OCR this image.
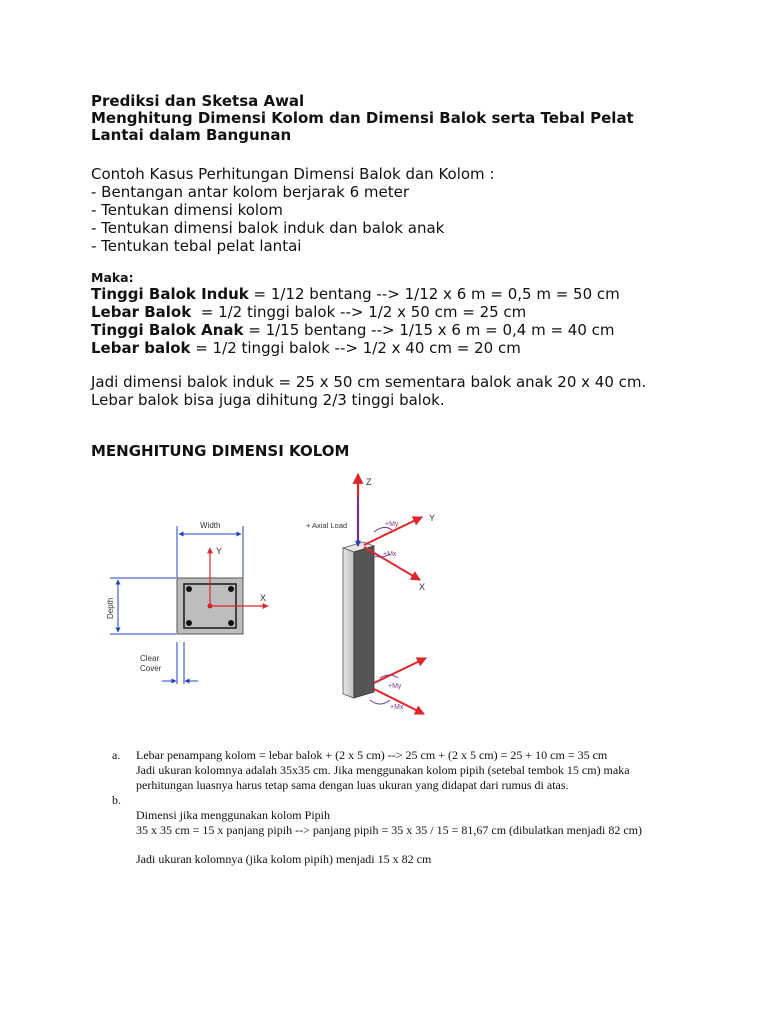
Prediksi dan Sketsa Awal

Menghitung Dimensi Kolom dan Dimensi Balok serta Tebal Pelat

Lantai dalam Bangunan

Contoh Kasus Perhitungan Dimensi Balok dan Kolom :

- Bentangan antar kolom berjarak 6 meter

- Tentukan dimensi kolom

- Tentukan dimensi balok induk dan balok anak

- Tentukan tebal pelat lantai

Maka:

Tinggi Balok Induk = 1/12 bentang --> 1/12 x 6 m = 0,5 m = 50 cm

Lebar Balok  = 1/2 tinggi balok --> 1/2 x 50 cm = 25 cm

Tinggi Balok Anak = 1/15 bentang --> 1/15 x 6 m = 0,4 m = 40 cm

Lebar balok = 1/2 tinggi balok --> 1/2 x 40 cm = 20 cm

Jadi dimensi balok induk = 25 x 50 cm sementara balok anak 20 x 40 cm.

Lebar balok bisa juga dihitung 2/3 tinggi balok.

MENGHITUNG DIMENSI KOLOM
Width
Depth
Y
X
Clear
Cover
Z
+ Axial Load
Y
X
+My
+Mx
+My
+Mx
a.	Lebar penampang kolom = lebar balok + (2 x 5 cm) --> 25 cm + (2 x 5 cm) = 25 + 10 cm = 35 cm
Jadi ukuran kolomnya adalah 35x35 cm. Jika menggunakan kolom pipih (setebal tembok 15 cm) maka
perhitungan luasnya harus tetap sama dengan luas ukuran yang didapat dari rumus di atas.
b.
Dimensi jika menggunakan kolom Pipih
35 x 35 cm = 15 x panjang pipih --> panjang pipih = 35 x 35 / 15 = 81,67 cm (dibulatkan menjadi 82 cm)
Jadi ukuran kolomnya (jika kolom pipih) menjadi 15 x 82 cm
